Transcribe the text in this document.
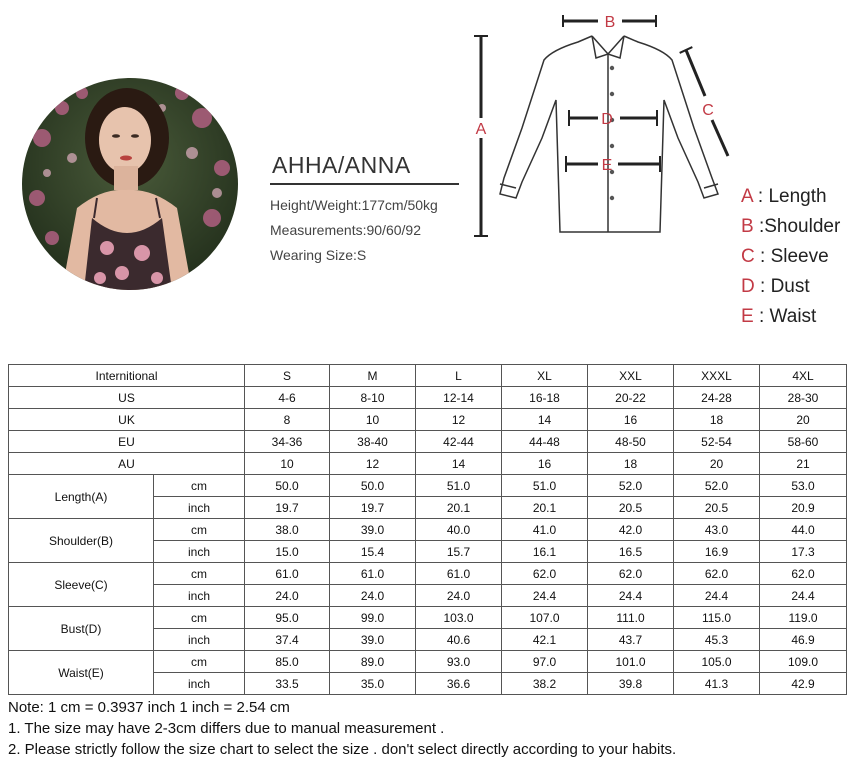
AHHA/ANNA
Height/Weight:177cm/50kg
Measurements:90/60/92
Wearing Size:S
B
A
C
D
E
A : Length
B :Shoulder
C : Sleeve
D : Dust
E : Waist
Internitional		S	M	L	XL	XXL	XXXL	4XL
US		4-6	8-10	12-14	16-18	20-22	24-28	28-30
UK		8	10	12	14	16	18	20
EU		34-36	38-40	42-44	44-48	48-50	52-54	58-60
AU		10	12	14	16	18	20	21
Length(A)	cm	50.0	50.0	51.0	51.0	52.0	52.0	53.0
	inch	19.7	19.7	20.1	20.1	20.5	20.5	20.9
Shoulder(B)	cm	38.0	39.0	40.0	41.0	42.0	43.0	44.0
	inch	15.0	15.4	15.7	16.1	16.5	16.9	17.3
Sleeve(C)	cm	61.0	61.0	61.0	62.0	62.0	62.0	62.0
	inch	24.0	24.0	24.0	24.4	24.4	24.4	24.4
Bust(D)	cm	95.0	99.0	103.0	107.0	111.0	115.0	119.0
	inch	37.4	39.0	40.6	42.1	43.7	45.3	46.9
Waist(E)	cm	85.0	89.0	93.0	97.0	101.0	105.0	109.0
	inch	33.5	35.0	36.6	38.2	39.8	41.3	42.9
Note: 1 cm = 0.3937 inch 1 inch = 2.54 cm
1. The size may have 2-3cm differs due to manual measurement .
2. Please strictly follow the size chart to select the size . don't select directly according to your habits.
